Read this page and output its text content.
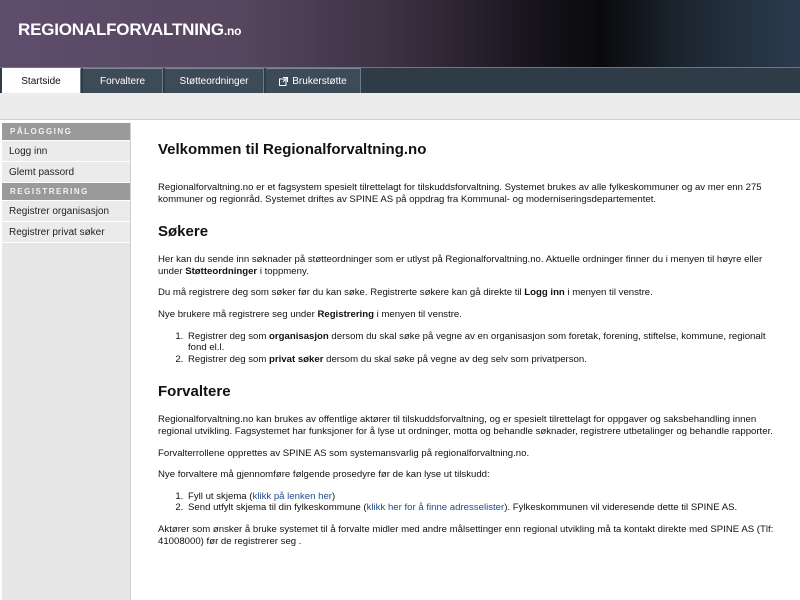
REGIONALFORVALTNING.no
Startside	Forvaltere	Støtteordninger	Brukerstøtte
PÅLOGGING
Logg inn
Glemt passord
REGISTRERING
Registrer organisasjon
Registrer privat søker
Velkommen til Regionalforvaltning.no

Regionalforvaltning.no er et fagsystem spesielt tilrettelagt for tilskuddsforvaltning. Systemet brukes av alle fylkeskommuner og av mer enn 275 kommuner og regionråd. Systemet driftes av SPINE AS på oppdrag fra Kommunal- og moderniseringsdepartementet.

Søkere

Her kan du sende inn søknader på støtteordninger som er utlyst på Regionalforvaltning.no. Aktuelle ordninger finner du i menyen til høyre eller under Støtteordninger i toppmeny.

Du må registrere deg som søker før du kan søke. Registrerte søkere kan gå direkte til Logg inn i menyen til venstre.

Nye brukere må registrere seg under Registrering i menyen til venstre.

1. Registrer deg som organisasjon dersom du skal søke på vegne av en organisasjon som foretak, forening, stiftelse, kommune, regionalt fond el.l.
2. Registrer deg som privat søker dersom du skal søke på vegne av deg selv som privatperson.
Forvaltere

Regionalforvaltning.no kan brukes av offentlige aktører til tilskuddsforvaltning, og er spesielt tilrettelagt for oppgaver og saksbehandling innen regional utvikling. Fagsystemet har funksjoner for å lyse ut ordninger, motta og behandle søknader, registrere utbetalinger og behandle rapporter.

Forvalterrollene opprettes av SPINE AS som systemansvarlig på regionalforvaltning.no.

Nye forvaltere må gjennomføre følgende prosedyre før de kan lyse ut tilskudd:

1. Fyll ut skjema (klikk på lenken her)
2. Send utfylt skjema til din fylkeskommune (klikk her for å finne adresselister). Fylkeskommunen vil videresende dette til SPINE AS.

Aktører som ønsker å bruke systemet til å forvalte midler med andre målsettinger enn regional utvikling må ta kontakt direkte med SPINE AS (Tlf: 41008000) før de registrerer seg .
